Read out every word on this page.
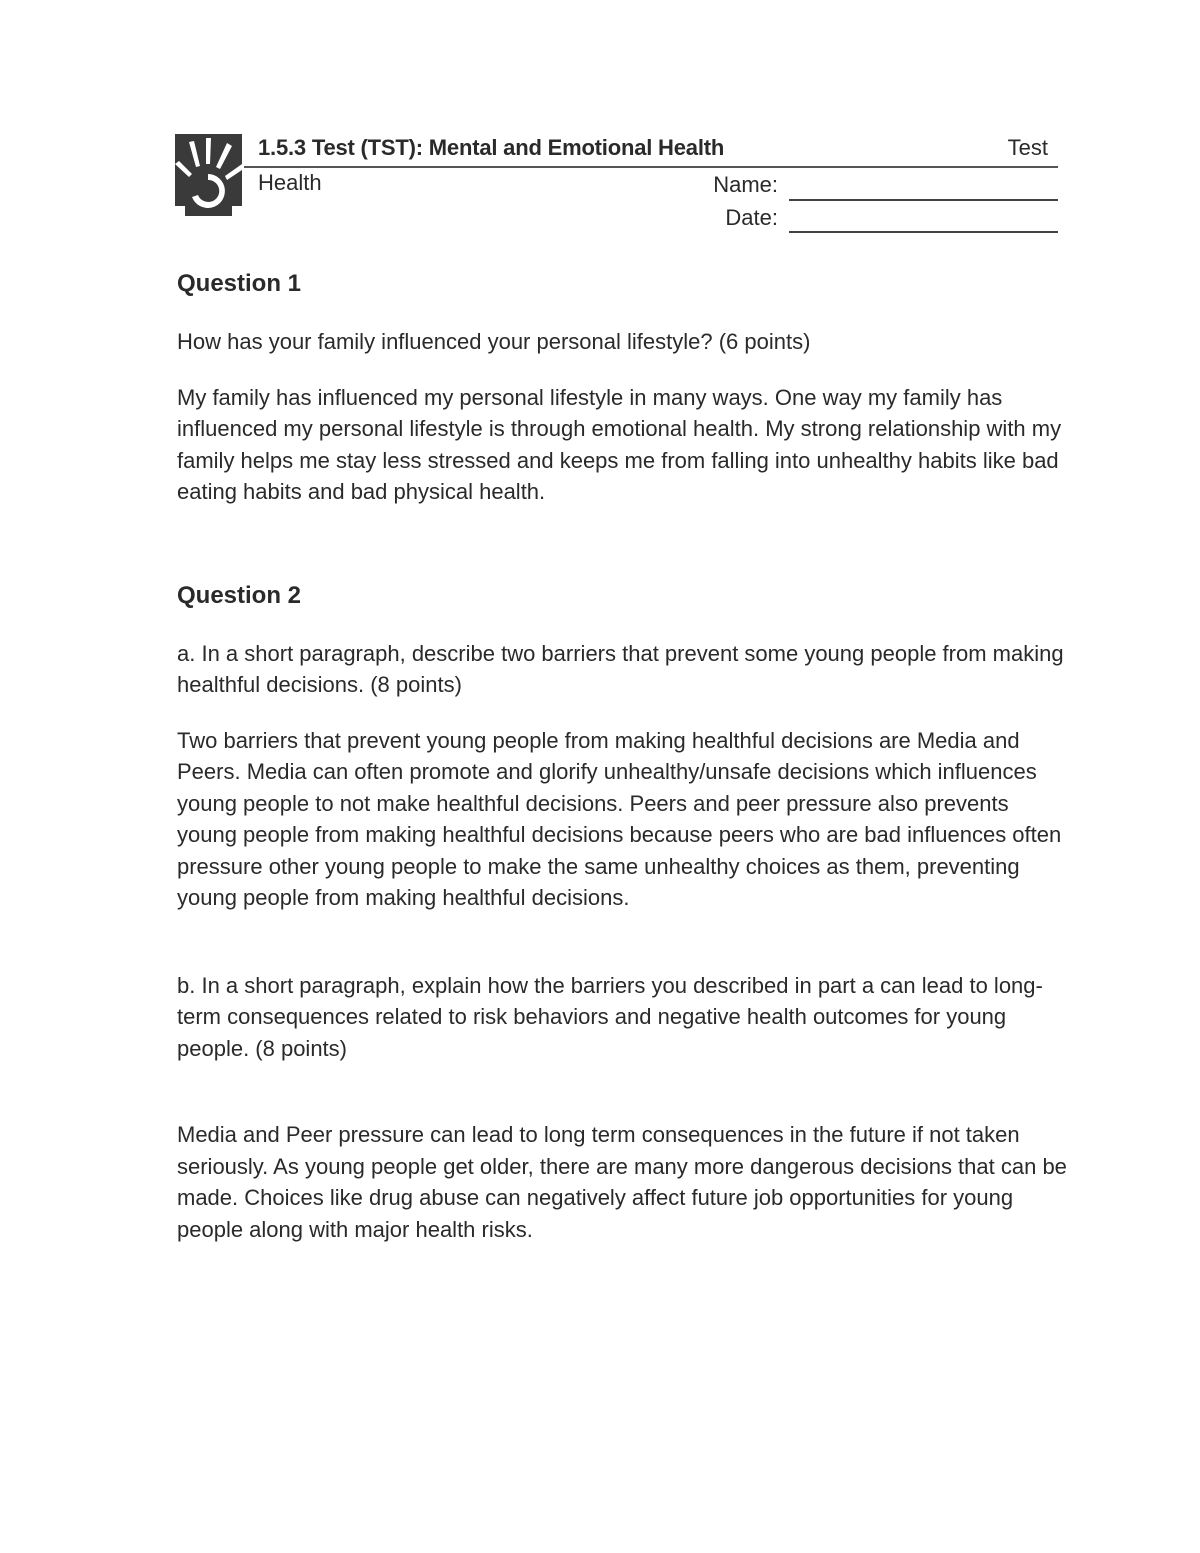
1.5.3 Test (TST): Mental and Emotional Health	Test
Health	Name:
Date:
Question 1

How has your family influenced your personal lifestyle? (6 points)

My family has influenced my personal lifestyle in many ways. One way my family has influenced my personal lifestyle is through emotional health. My strong relationship with my family helps me stay less stressed and keeps me from falling into unhealthy habits like bad eating habits and bad physical health.

Question 2

a. In a short paragraph, describe two barriers that prevent some young people from making healthful decisions. (8 points)

Two barriers that prevent young people from making healthful decisions are Media and Peers. Media can often promote and glorify unhealthy/unsafe decisions which influences young people to not make healthful decisions. Peers and peer pressure also prevents young people from making healthful decisions because peers who are bad influences often pressure other young people to make the same unhealthy choices as them, preventing young people from making healthful decisions.

b. In a short paragraph, explain how the barriers you described in part a can lead to long-term consequences related to risk behaviors and negative health outcomes for young people. (8 points)

Media and Peer pressure can lead to long term consequences in the future if not taken seriously. As young people get older, there are many more dangerous decisions that can be made. Choices like drug abuse can negatively affect future job opportunities for young people along with major health risks.
